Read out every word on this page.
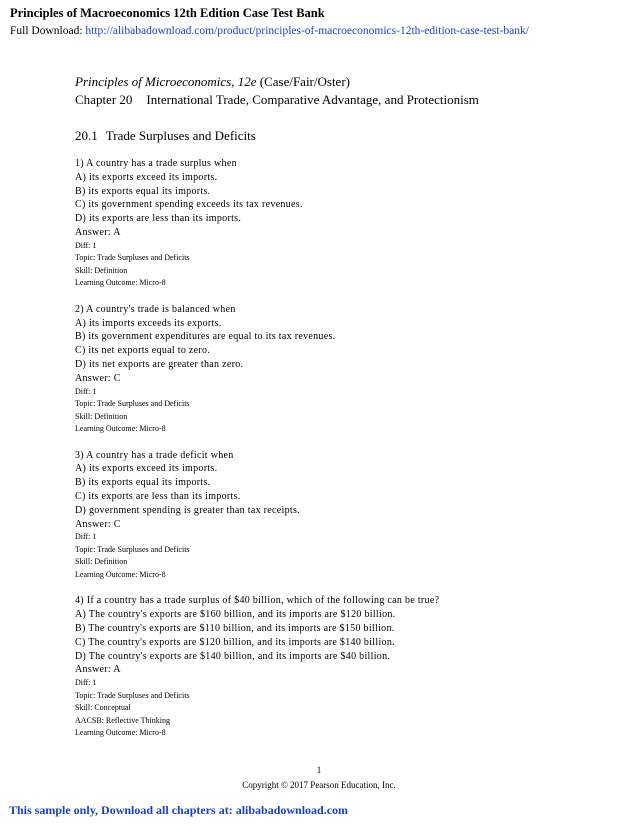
Principles of Macroeconomics 12th Edition Case Test Bank
Full Download: http://alibabadownload.com/product/principles-of-macroeconomics-12th-edition-case-test-bank/
Principles of Microeconomics, 12e (Case/Fair/Oster)
Chapter 20 International Trade, Comparative Advantage, and Protectionism
20.1 Trade Surpluses and Deficits
1) A country has a trade surplus when
A) its exports exceed its imports.
B) its exports equal its imports.
C) its government spending exceeds its tax revenues.
D) its exports are less than its imports.
Answer: A
Diff: 1
Topic: Trade Surpluses and Deficits
Skill: Definition
Learning Outcome: Micro-8
2) A country's trade is balanced when
A) its imports exceeds its exports.
B) its government expenditures are equal to its tax revenues.
C) its net exports equal to zero.
D) its net exports are greater than zero.
Answer: C
Diff: 1
Topic: Trade Surpluses and Deficits
Skill: Definition
Learning Outcome: Micro-8
3) A country has a trade deficit when
A) its exports exceed its imports.
B) its exports equal its imports.
C) its exports are less than its imports.
D) government spending is greater than tax receipts.
Answer: C
Diff: 1
Topic: Trade Surpluses and Deficits
Skill: Definition
Learning Outcome: Micro-8
4) If a country has a trade surplus of $40 billion, which of the following can be true?
A) The country's exports are $160 billion, and its imports are $120 billion.
B) The country's exports are $110 billion, and its imports are $150 billion.
C) The country's exports are $120 billion, and its imports are $140 billion.
D) The country's exports are $140 billion, and its imports are $40 billion.
Answer: A
Diff: 1
Topic: Trade Surpluses and Deficits
Skill: Conceptual
AACSB: Reflective Thinking
Learning Outcome: Micro-8
1
Copyright © 2017 Pearson Education, Inc.
This sample only, Download all chapters at: alibabadownload.com
